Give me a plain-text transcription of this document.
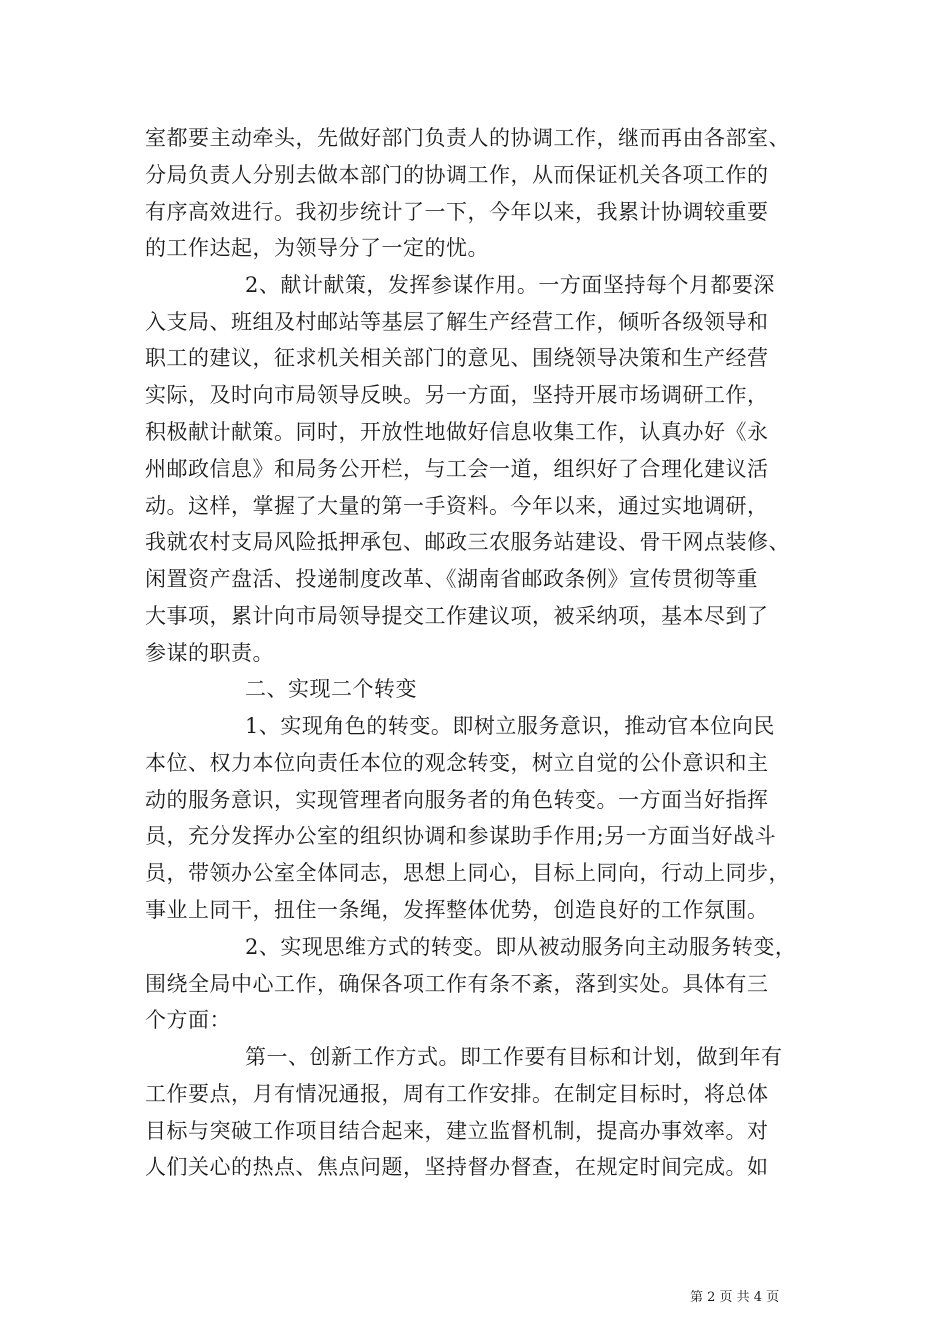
室都要主动牵头，先做好部门负责人的协调工作，继而再由各部室、
分局负责人分别去做本部门的协调工作，从而保证机关各项工作的
有序高效进行。我初步统计了一下，今年以来，我累计协调较重要
的工作达起，为领导分了一定的忧。
2、献计献策，发挥参谋作用。一方面坚持每个月都要深
入支局、班组及村邮站等基层了解生产经营工作，倾听各级领导和
职工的建议，征求机关相关部门的意见、围绕领导决策和生产经营
实际，及时向市局领导反映。另一方面，坚持开展市场调研工作，
积极献计献策。同时，开放性地做好信息收集工作，认真办好《永
州邮政信息》和局务公开栏，与工会一道，组织好了合理化建议活
动。这样，掌握了大量的第一手资料。今年以来，通过实地调研，
我就农村支局风险抵押承包、邮政三农服务站建设、骨干网点装修、
闲置资产盘活、投递制度改革、《湖南省邮政条例》宣传贯彻等重
大事项，累计向市局领导提交工作建议项，被采纳项，基本尽到了
参谋的职责。
二、实现二个转变
1、实现角色的转变。即树立服务意识，推动官本位向民
本位、权力本位向责任本位的观念转变，树立自觉的公仆意识和主
动的服务意识，实现管理者向服务者的角色转变。一方面当好指挥
员，充分发挥办公室的组织协调和参谋助手作用;另一方面当好战斗
员，带领办公室全体同志，思想上同心，目标上同向，行动上同步，
事业上同干，扭住一条绳，发挥整体优势，创造良好的工作氛围。
2、实现思维方式的转变。即从被动服务向主动服务转变，
围绕全局中心工作，确保各项工作有条不紊，落到实处。具体有三
个方面：
第一、创新工作方式。即工作要有目标和计划，做到年有
工作要点，月有情况通报，周有工作安排。在制定目标时，将总体
目标与突破工作项目结合起来，建立监督机制，提高办事效率。对
人们关心的热点、焦点问题，坚持督办督查，在规定时间完成。如
第 2 页 共 4 页
